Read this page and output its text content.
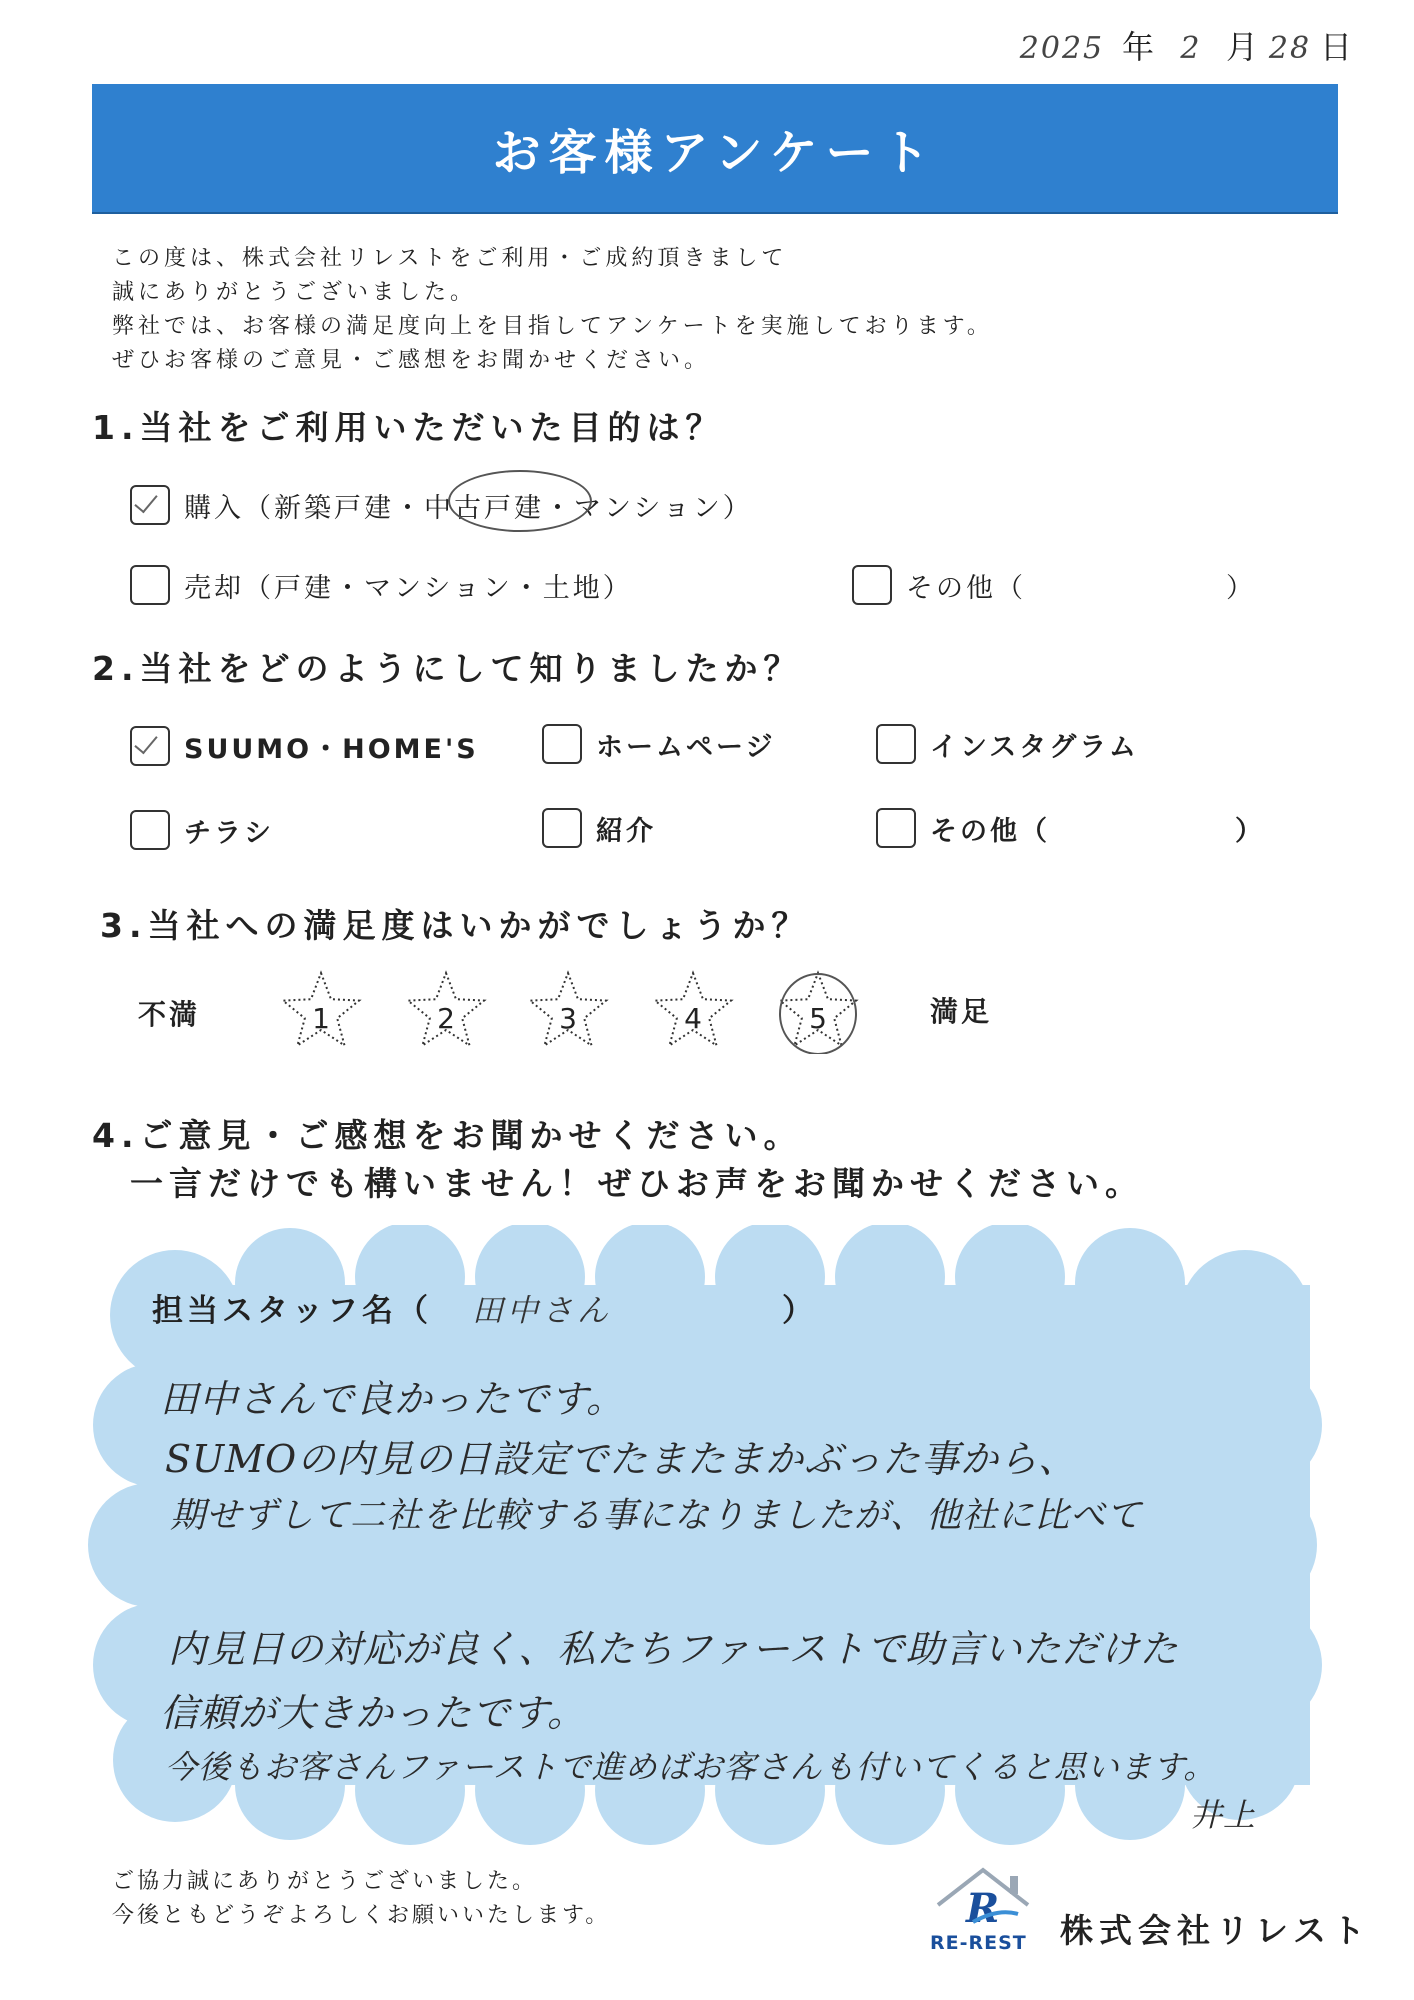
2025 年 2 月 28 日
お客様アンケート
この度は、株式会社リレストをご利用・ご成約頂きまして
誠にありがとうございました。
弊社では、お客様の満足度向上を目指してアンケートを実施しております。
ぜひお客様のご意見・ご感想をお聞かせください。
1.当社をご利用いただいた目的は？
購入（新築戸建・中古戸建・マンション）
売却（戸建・マンション・土地）	その他（	）
2.当社をどのようにして知りましたか？
SUUMO・HOME'S	ホームページ	インスタグラム
チラシ	紹介	その他（	）
3.当社への満足度はいかがでしょうか？
不満	満足
1	2	3	4	5
4.ご意見・ご感想をお聞かせください。
一言だけでも構いません！ぜひお声をお聞かせください。
担当スタッフ名（ 田中さん	）
田中さんで良かったです。
SUMOの内見の日設定でたまたまかぶった事から、
期せずして二社を比較する事になりましたが、他社に比べて
内見日の対応が良く、私たちファーストで助言いただけた
信頼が大きかったです。
今後もお客さんファーストで進めばお客さんも付いてくると思います。
井上
ご協力誠にありがとうございました。
今後ともどうぞよろしくお願いいたします。	R
RE-REST 株式会社リレスト
